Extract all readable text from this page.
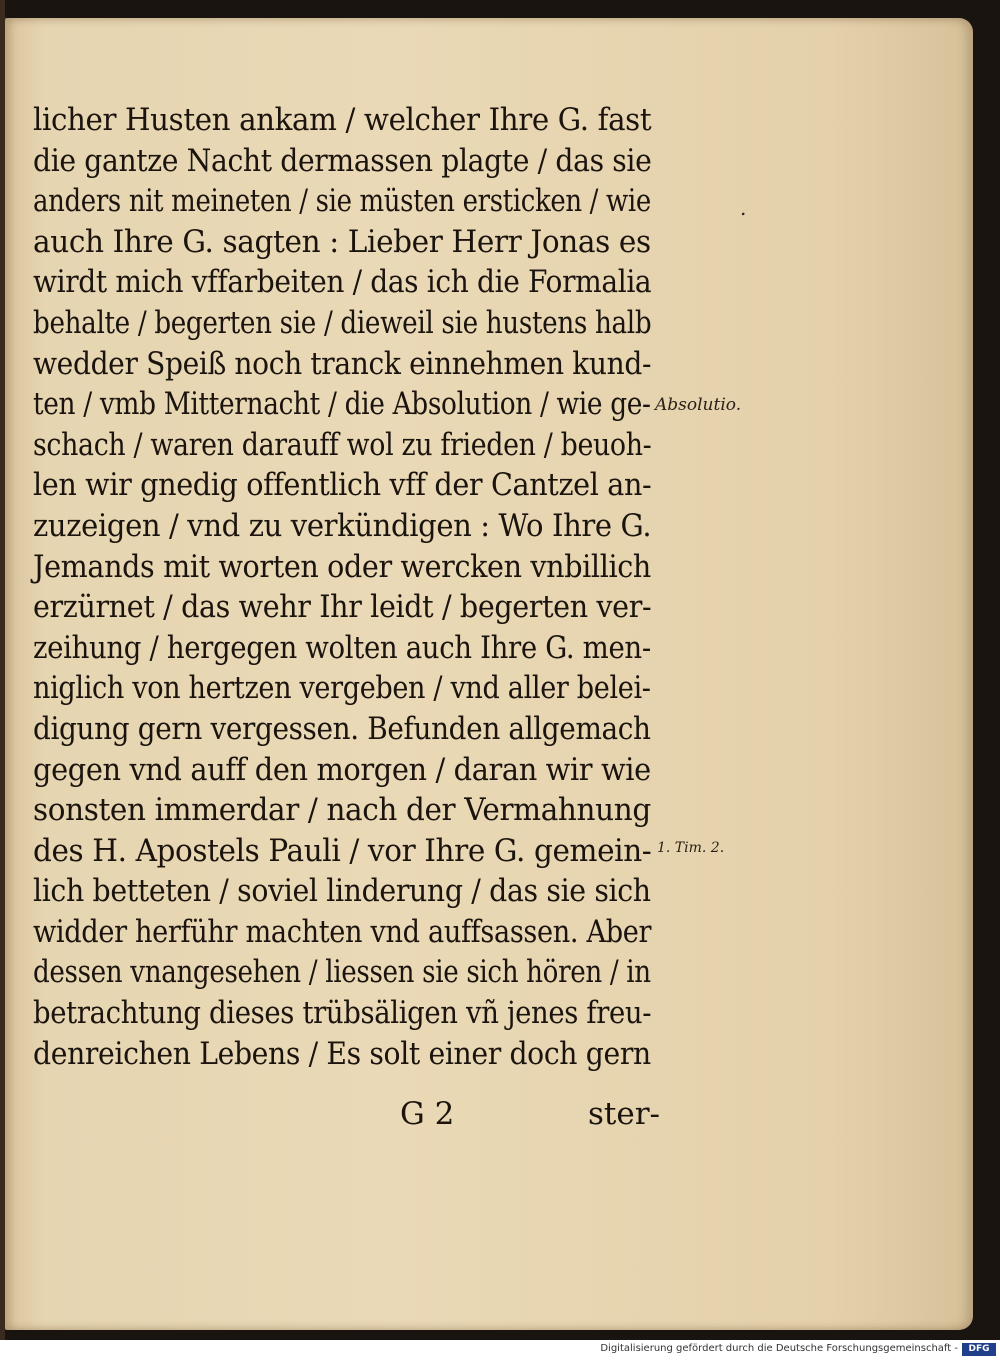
licher Husten ankam / welcher Ihre G. fast
die gantze Nacht dermassen plagte / das sie
anders nit meineten / sie müsten ersticken / wie
auch Ihre G. sagten : Lieber Herr Jonas es
wirdt mich vffarbeiten / das ich die Formalia
behalte / begerten sie / dieweil sie hustens halb
wedder Speiß noch tranck einnehmen kund-
ten / vmb Mitternacht / die Absolution / wie ge-
schach / waren darauff wol zu frieden / beuoh-
len wir gnedig offentlich vff der Cantzel an-
zuzeigen / vnd zu verkündigen : Wo Ihre G.
Jemands mit worten oder wercken vnbillich
erzürnet / das wehr Ihr leidt / begerten ver-
zeihung / hergegen wolten auch Ihre G. men-
niglich von hertzen vergeben / vnd aller belei-
digung gern vergessen. Befunden allgemach
gegen vnd auff den morgen / daran wir wie
sonsten immerdar / nach der Vermahnung
des H. Apostels Pauli / vor Ihre G. gemein-
lich betteten / soviel linderung / das sie sich
widder herführ machten vnd auffsassen. Aber
dessen vnangesehen / liessen sie sich hören / in
betrachtung dieses trübsäligen vñ jenes freu-
denreichen Lebens / Es solt einer doch gern
.
Absolutio.
1. Tim. 2.
G 2	ster-
Digitalisierung gefördert durch die Deutsche Forschungsgemeinschaft -	DFG
